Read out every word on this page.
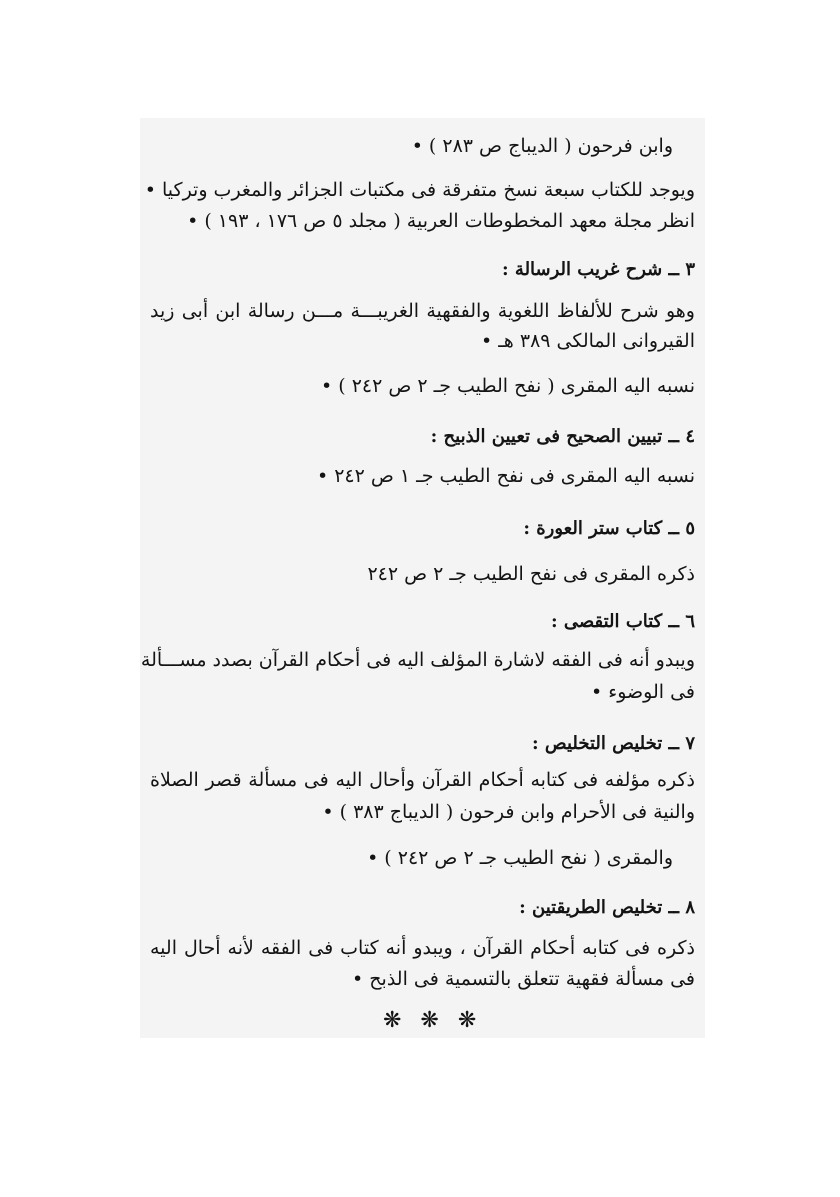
وابن فرحون ( الديباج ص ٢٨٣ ) •
ويوجد للكتاب سبعة نسخ متفرقة فى مكتبات الجزائر والمغرب وتركيا •
انظر مجلة معهد المخطوطات العربية ( مجلد ٥ ص ١٧٦ ، ١٩٣ ) •
٣ ــ شرح غريب الرسالة :
وهو شرح للألفاظ اللغوية والفقهية الغريبـــة مـــن رسالة ابن أبى زيد
القيروانى المالكى ٣٨٩ هـ •
نسبه اليه المقرى ( نفح الطيب جـ ٢ ص ٢٤٢ ) •
٤ ــ تبيين الصحيح فى تعيين الذبيح :
نسبه اليه المقرى فى نفح الطيب جـ ١ ص ٢٤٢ •
٥ ــ كتاب ستر العورة :
ذكره المقرى فى نفح الطيب جـ ٢ ص ٢٤٢
٦ ــ كتاب التقصى :
ويبدو أنه فى الفقه لاشارة المؤلف اليه فى أحكام القرآن بصدد مســـألة
فى الوضوء •
٧ ــ تخليص التخليص :
ذكره مؤلفه فى كتابه أحكام القرآن وأحال اليه فى مسألة قصر الصلاة
والنية فى الأحرام وابن فرحون ( الديباج ٣٨٣ ) •
والمقرى ( نفح الطيب جـ ٢ ص ٢٤٢ ) •
٨ ــ تخليص الطريقتين :
ذكره فى كتابه أحكام القرآن ، ويبدو أنه كتاب فى الفقه لأنه أحال اليه
فى مسألة فقهية تتعلق بالتسمية فى الذبح •
❋ ❋ ❋
